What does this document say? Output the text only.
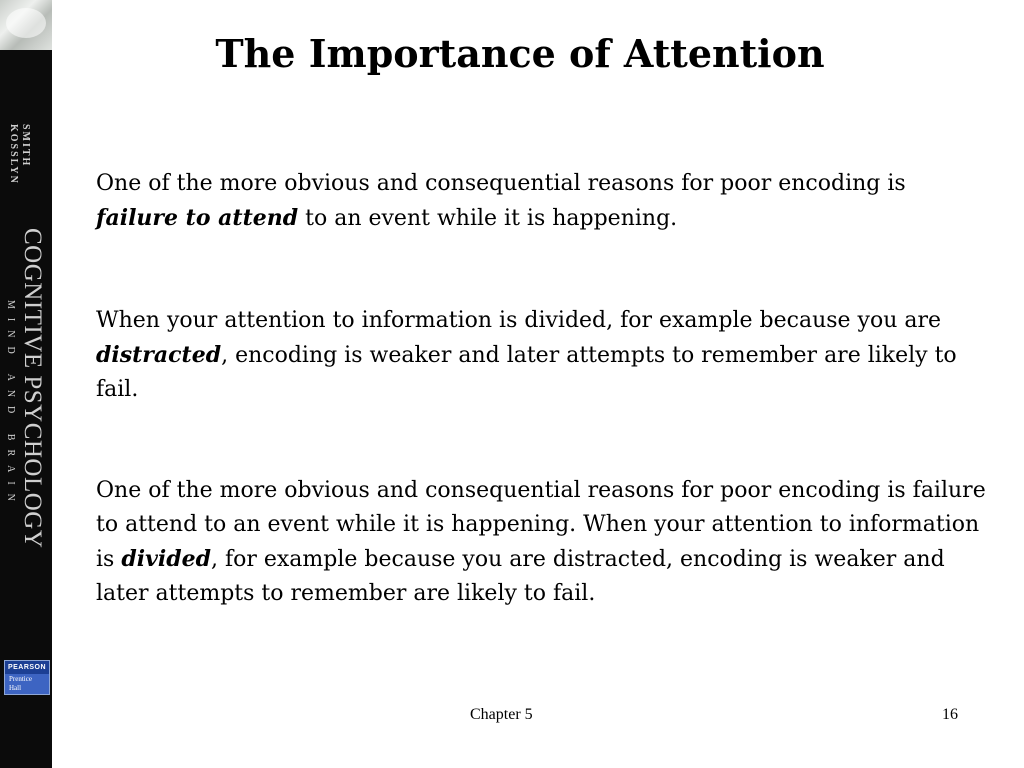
SMITH
KOSSLYN
COGNITIVE PSYCHOLOGY
MIND AND BRAIN
PEARSON
Prentice
Hall
The Importance of Attention

One of the more obvious and consequential reasons for poor encoding is failure to attend to an event while it is happening.

When your attention to information is divided, for example because you are distracted, encoding is weaker and later attempts to remember are likely to fail.

One of the more obvious and consequential reasons for poor encoding is failure to attend to an event while it is happening. When your attention to information is divided, for example because you are distracted, encoding is weaker and later attempts to remember are likely to fail.

Chapter 5	16
